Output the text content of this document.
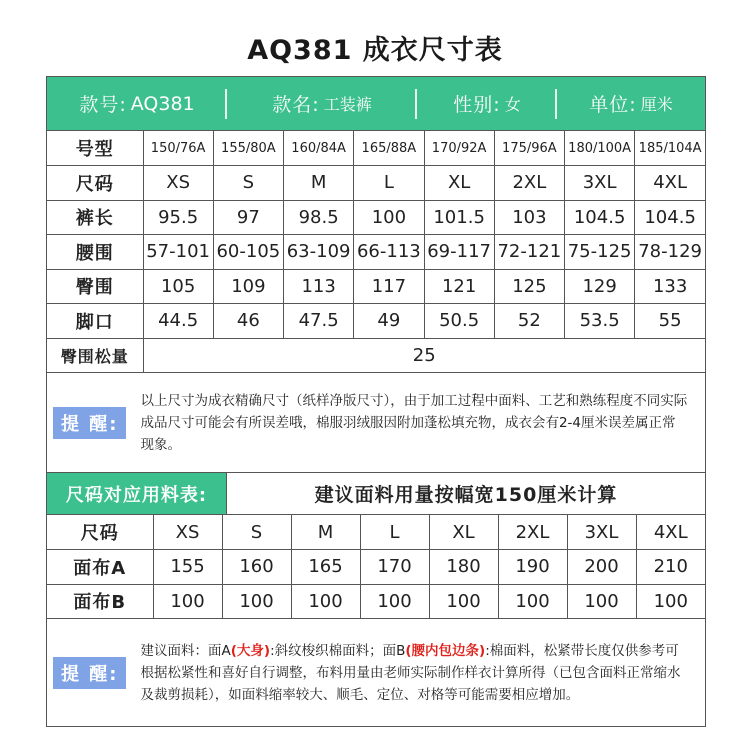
AQ381 成衣尺寸表
款号: AQ381	款名: 工装裤	性别: 女	单位: 厘米
号型	150/76A	155/80A	160/84A	165/88A	170/92A	175/96A	180/100A	185/104A
尺码	XS	S	M	L	XL	2XL	3XL	4XL
裤长	95.5	97	98.5	100	101.5	103	104.5	104.5
腰围	57-101	60-105	63-109	66-113	69-117	72-121	75-125	78-129
臀围	105	109	113	117	121	125	129	133
脚口	44.5	46	47.5	49	50.5	52	53.5	55
臀围松量	25							
提 醒:
以上尺寸为成衣精确尺寸（纸样净版尺寸），由于加工过程中面料、工艺和熟练程度不同实际成品尺寸可能会有所误差哦，棉服羽绒服因附加蓬松填充物，成衣会有2-4厘米误差属正常现象。
尺码对应用料表:	建议面料用量按幅宽150厘米计算
尺码	XS	S	M	L	XL	2XL	3XL	4XL
面布A	155	160	165	170	180	190	200	210
面布B	100	100	100	100	100	100	100	100
提 醒:
建议面料：面A(大身):斜纹梭织棉面料；面B(腰内包边条):棉面料，松紧带长度仅供参考可根据松紧性和喜好自行调整，布料用量由老师实际制作样衣计算所得（已包含面料正常缩水及裁剪损耗），如面料缩率较大、顺毛、定位、对格等可能需要相应增加。
